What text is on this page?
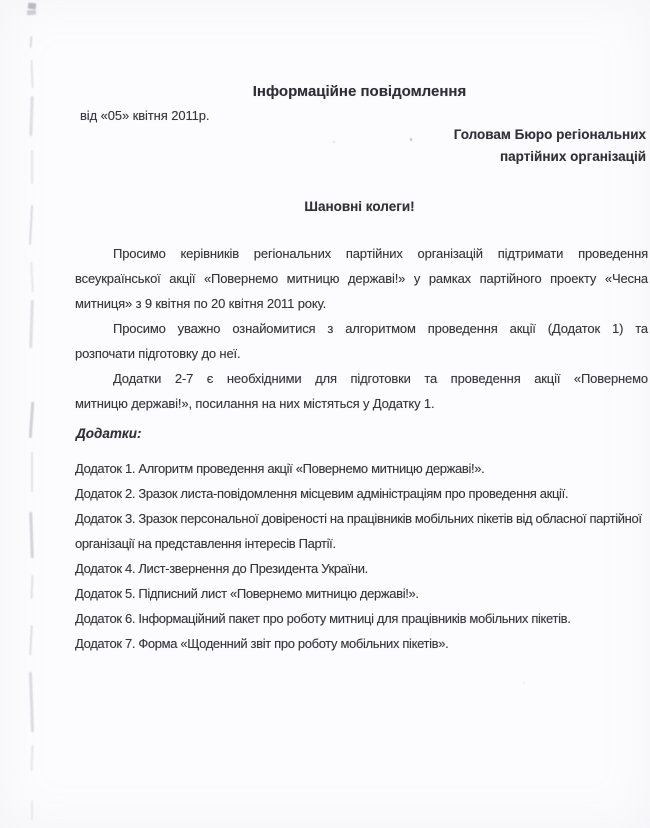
Інформаційне повідомлення
від «05» квітня 2011р.
Головам Бюро регіональних
партійних організацій
Шановні колеги!
Просимо керівників регіональних партійних організацій підтримати проведення
всеукраїнської акції «Повернемо митницю державі!» у рамках партійного проекту «Чесна
митниця» з 9 квітня по 20 квітня 2011 року.
Просимо уважно ознайомитися з алгоритмом проведення акції (Додаток 1) та
розпочати підготовку до неї.
Додатки 2-7 є необхідними для підготовки та проведення акції «Повернемо
митницю державі!», посилання на них містяться у Додатку 1.
Додатки:
Додаток 1. Алгоритм проведення акції «Повернемо митницю державі!».
Додаток 2. Зразок листа-повідомлення місцевим адміністраціям про проведення акції.
Додаток 3. Зразок персональної довіреності на працівників мобільних пікетів від обласної партійної організації на представлення інтересів Партії.
Додаток 4. Лист-звернення до Президента України.
Додаток 5. Підписний лист «Повернемо митницю державі!».
Додаток 6. Інформаційний пакет про роботу митниці для працівників мобільних пікетів.
Додаток 7. Форма «Щоденний звіт про роботу мобільних пікетів».
